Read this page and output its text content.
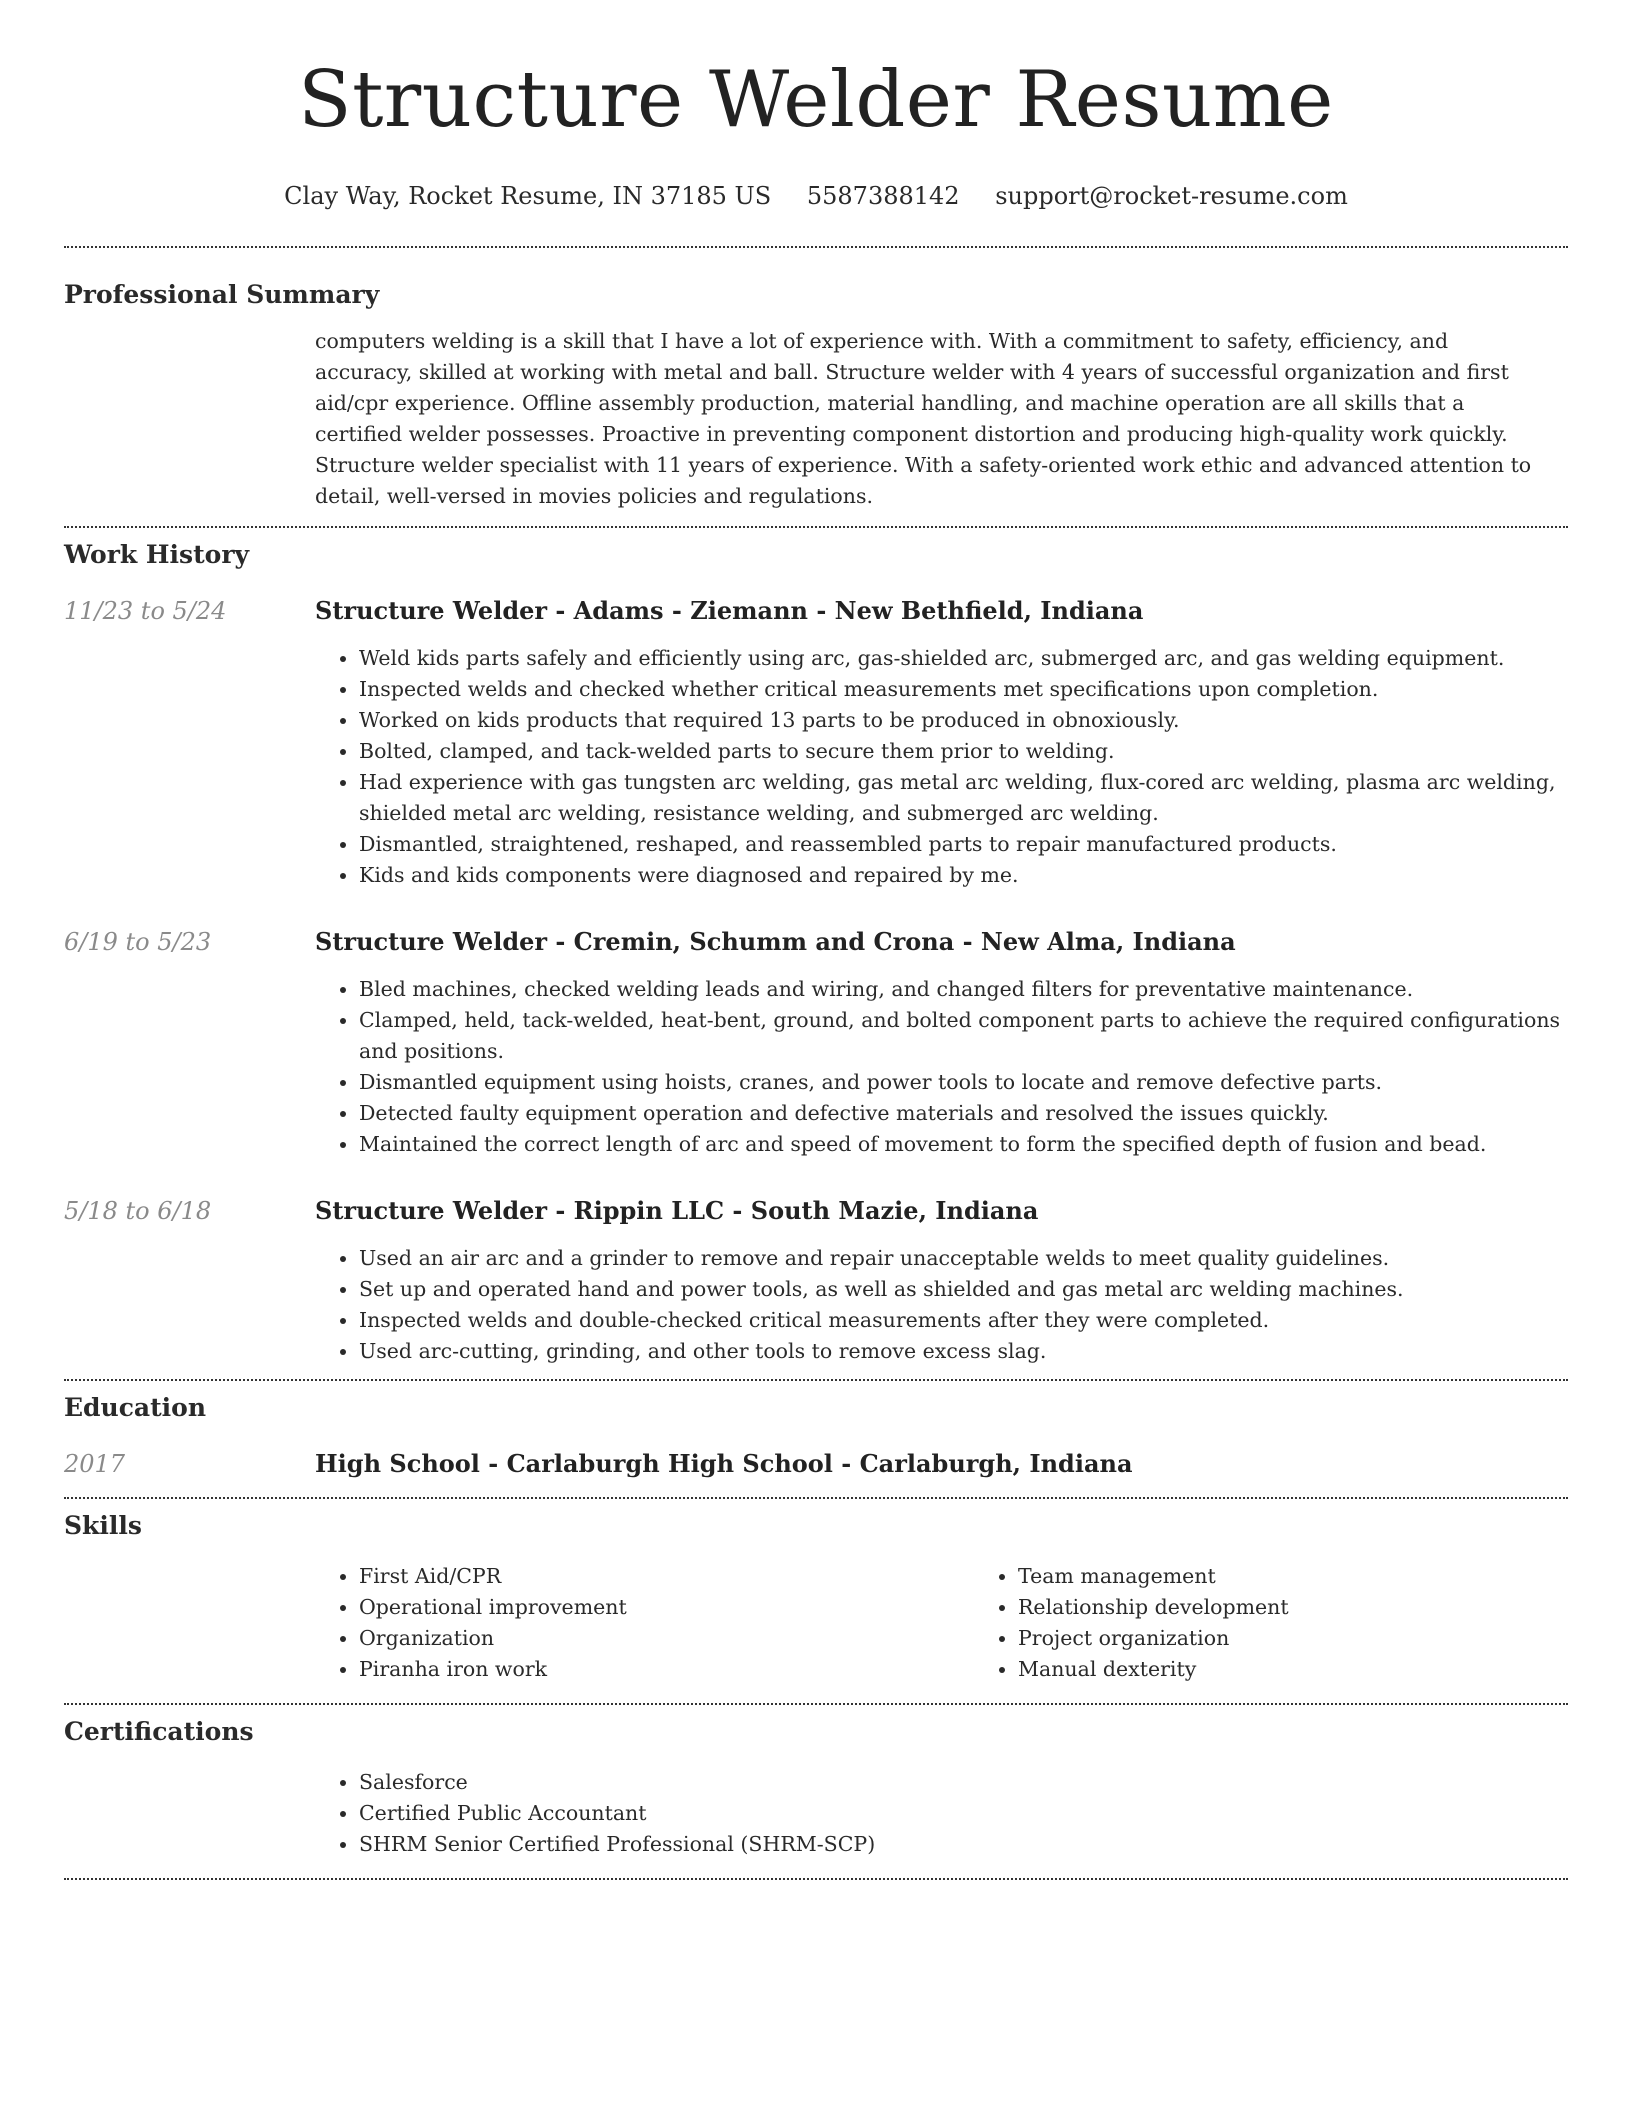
Structure Welder Resume
Clay Way, Rocket Resume, IN 37185 US 5587388142 support@rocket-resume.com
Professional Summary

computers welding is a skill that I have a lot of experience with. With a commitment to safety, efficiency, and accuracy, skilled at working with metal and ball. Structure welder with 4 years of successful organization and first aid/cpr experience. Offline assembly production, material handling, and machine operation are all skills that a certified welder possesses. Proactive in preventing component distortion and producing high-quality work quickly. Structure welder specialist with 11 years of experience. With a safety-oriented work ethic and advanced attention to detail, well-versed in movies policies and regulations.

Work History
11/23 to 5/24	Structure Welder - Adams - Ziemann - New Bethfield, Indiana
• Weld kids parts safely and efficiently using arc, gas-shielded arc, submerged arc, and gas welding equipment.
• Inspected welds and checked whether critical measurements met specifications upon completion.
• Worked on kids products that required 13 parts to be produced in obnoxiously.
• Bolted, clamped, and tack-welded parts to secure them prior to welding.
• Had experience with gas tungsten arc welding, gas metal arc welding, flux-cored arc welding, plasma arc welding, shielded metal arc welding, resistance welding, and submerged arc welding.
• Dismantled, straightened, reshaped, and reassembled parts to repair manufactured products.
• Kids and kids components were diagnosed and repaired by me.
6/19 to 5/23	Structure Welder - Cremin, Schumm and Crona - New Alma, Indiana
• Bled machines, checked welding leads and wiring, and changed filters for preventative maintenance.
• Clamped, held, tack-welded, heat-bent, ground, and bolted component parts to achieve the required configurations and positions.
• Dismantled equipment using hoists, cranes, and power tools to locate and remove defective parts.
• Detected faulty equipment operation and defective materials and resolved the issues quickly.
• Maintained the correct length of arc and speed of movement to form the specified depth of fusion and bead.
5/18 to 6/18	Structure Welder - Rippin LLC - South Mazie, Indiana
• Used an air arc and a grinder to remove and repair unacceptable welds to meet quality guidelines.
• Set up and operated hand and power tools, as well as shielded and gas metal arc welding machines.
• Inspected welds and double-checked critical measurements after they were completed.
• Used arc-cutting, grinding, and other tools to remove excess slag.
Education
2017	High School - Carlaburgh High School - Carlaburgh, Indiana
Skills
• First Aid/CPR
• Operational improvement
• Organization
• Piranha iron work
• Team management
• Relationship development
• Project organization
• Manual dexterity
Certifications
• Salesforce
• Certified Public Accountant
• SHRM Senior Certified Professional (SHRM-SCP)
